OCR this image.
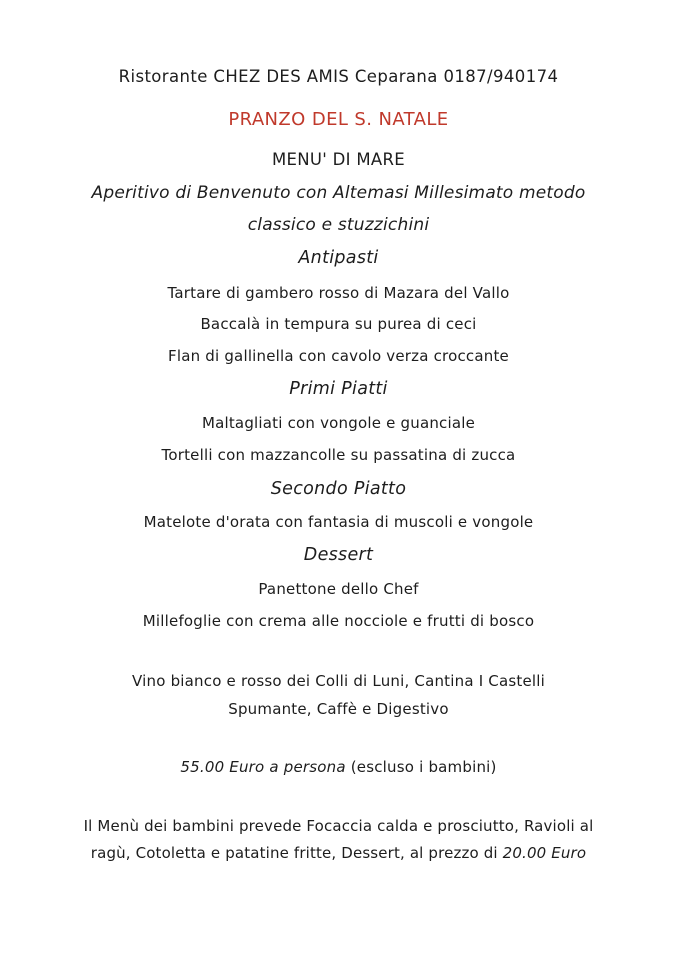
Ristorante CHEZ DES AMIS Ceparana 0187/940174
PRANZO DEL S. NATALE
MENU' DI MARE
Aperitivo di Benvenuto con Altemasi Millesimato metodo
classico e stuzzichini
Antipasti
Tartare di gambero rosso di Mazara del Vallo
Baccalà in tempura su purea di ceci
Flan di gallinella con cavolo verza croccante
Primi Piatti
Maltagliati con vongole e guanciale
Tortelli con mazzancolle su passatina di zucca
Secondo Piatto
Matelote d'orata con fantasia di muscoli e vongole
Dessert
Panettone dello Chef
Millefoglie con crema alle nocciole e frutti di bosco
Vino bianco e rosso dei Colli di Luni, Cantina I Castelli
Spumante, Caffè e Digestivo
55.00 Euro a persona (escluso i bambini)
Il Menù dei bambini prevede Focaccia calda e prosciutto, Ravioli al
ragù, Cotoletta e patatine fritte, Dessert, al prezzo di 20.00 Euro
